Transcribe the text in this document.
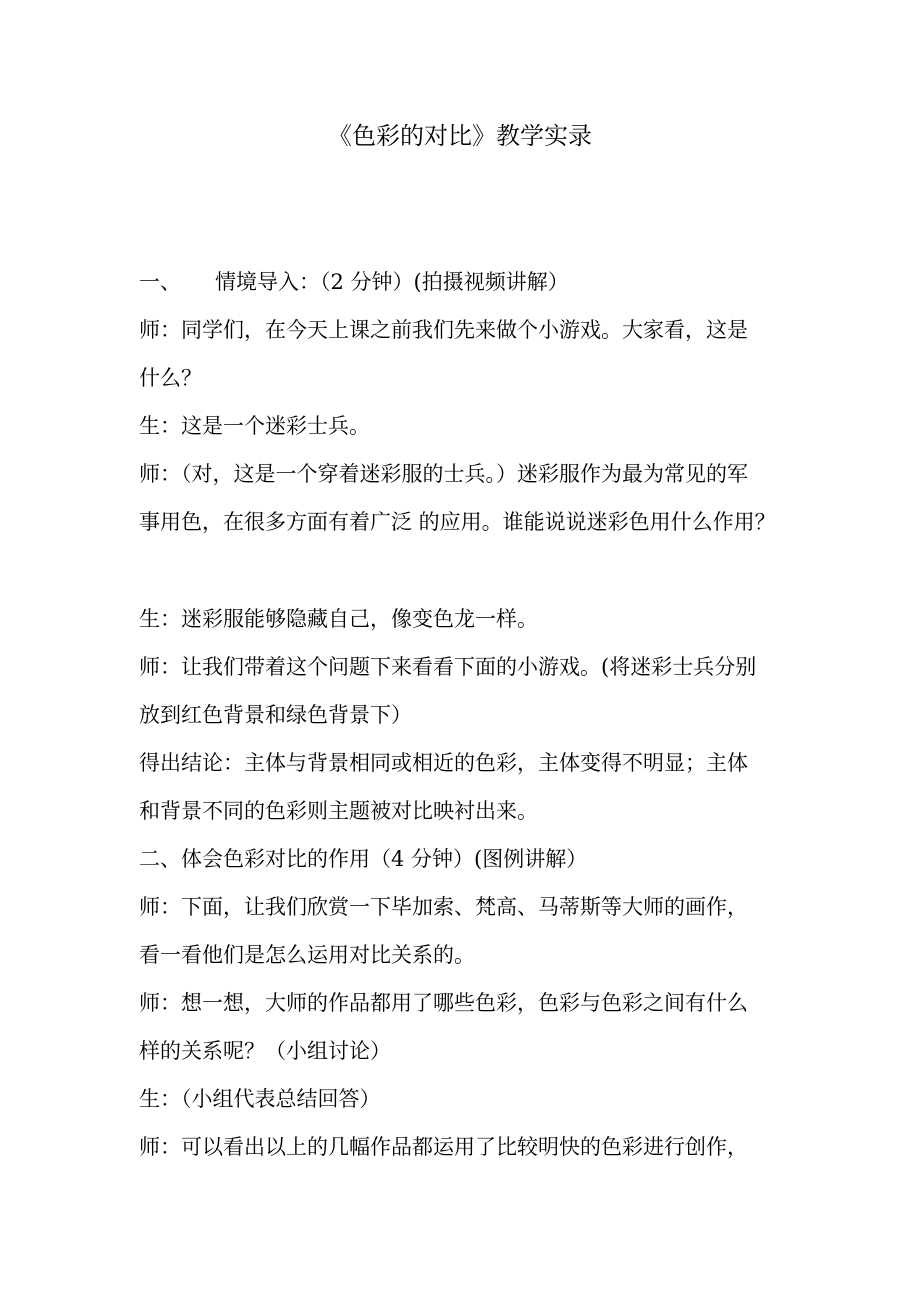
《色彩的对比》教学实录
一、 情境导入：（2 分钟）(拍摄视频讲解）
师：同学们，在今天上课之前我们先来做个小游戏。大家看，这是
什么？
生：这是一个迷彩士兵。
师：（对，这是一个穿着迷彩服的士兵。）迷彩服作为最为常见的军
事用色，在很多方面有着广泛 的应用。谁能说说迷彩色用什么作用？
生：迷彩服能够隐藏自己，像变色龙一样。
师：让我们带着这个问题下来看看下面的小游戏。(将迷彩士兵分别
放到红色背景和绿色背景下）
得出结论：主体与背景相同或相近的色彩，主体变得不明显；主体
和背景不同的色彩则主题被对比映衬出来。
二、体会色彩对比的作用（4 分钟）(图例讲解）
师：下面，让我们欣赏一下毕加索、梵高、马蒂斯等大师的画作，
看一看他们是怎么运用对比关系的。
师：想一想，大师的作品都用了哪些色彩，色彩与色彩之间有什么
样的关系呢？（小组讨论）
生：（小组代表总结回答）
师：可以看出以上的几幅作品都运用了比较明快的色彩进行创作，
